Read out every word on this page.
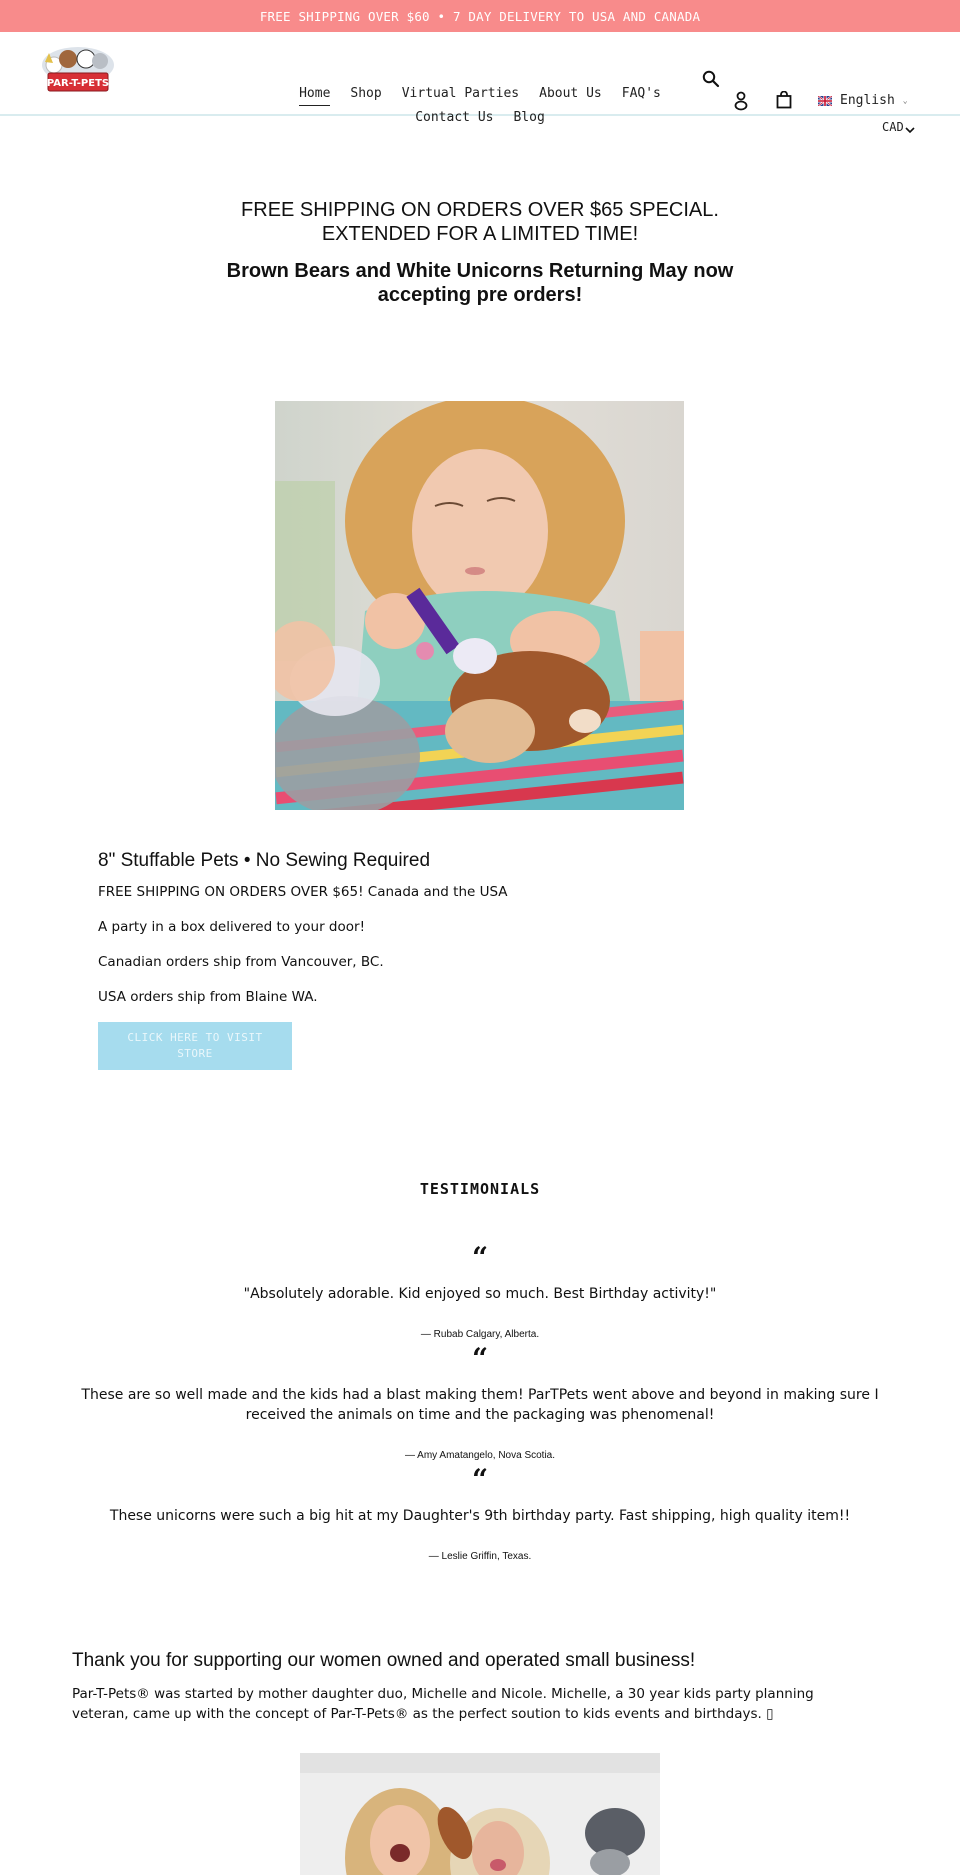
FREE SHIPPING OVER $60 • 7 DAY DELIVERY TO USA AND CANADA
PAR-T-PETS
Home Shop Virtual Parties About Us FAQ's
Contact Us Blog
English ⌄
CAD
FREE SHIPPING ON ORDERS OVER $65 SPECIAL.
EXTENDED FOR A LIMITED TIME!
Brown Bears and White Unicorns Returning May now
accepting pre orders!
8" Stuffable Pets • No Sewing Required

FREE SHIPPING ON ORDERS OVER $65! Canada and the USA

A party in a box delivered to your door!

Canadian orders ship from Vancouver, BC.

USA orders ship from Blaine WA.

CLICK HERE TO VISIT STORE
TESTIMONIALS
“

"Absolutely adorable. Kid enjoyed so much. Best Birthday activity!"

— Rubab Calgary, Alberta.

“

These are so well made and the kids had a blast making them! ParTPets went above and beyond in making sure I received the animals on time and the packaging was phenomenal!

— Amy Amatangelo, Nova Scotia.

“

These unicorns were such a big hit at my Daughter's 9th birthday party. Fast shipping, high quality item!!

— Leslie Griffin, Texas.

Thank you for supporting our women owned and operated small business!

Par-T-Pets® was started by mother daughter duo, Michelle and Nicole. Michelle, a 30 year kids party planning veteran, came up with the concept of Par-T-Pets® as the perfect soution to kids events and birthdays. ▯
